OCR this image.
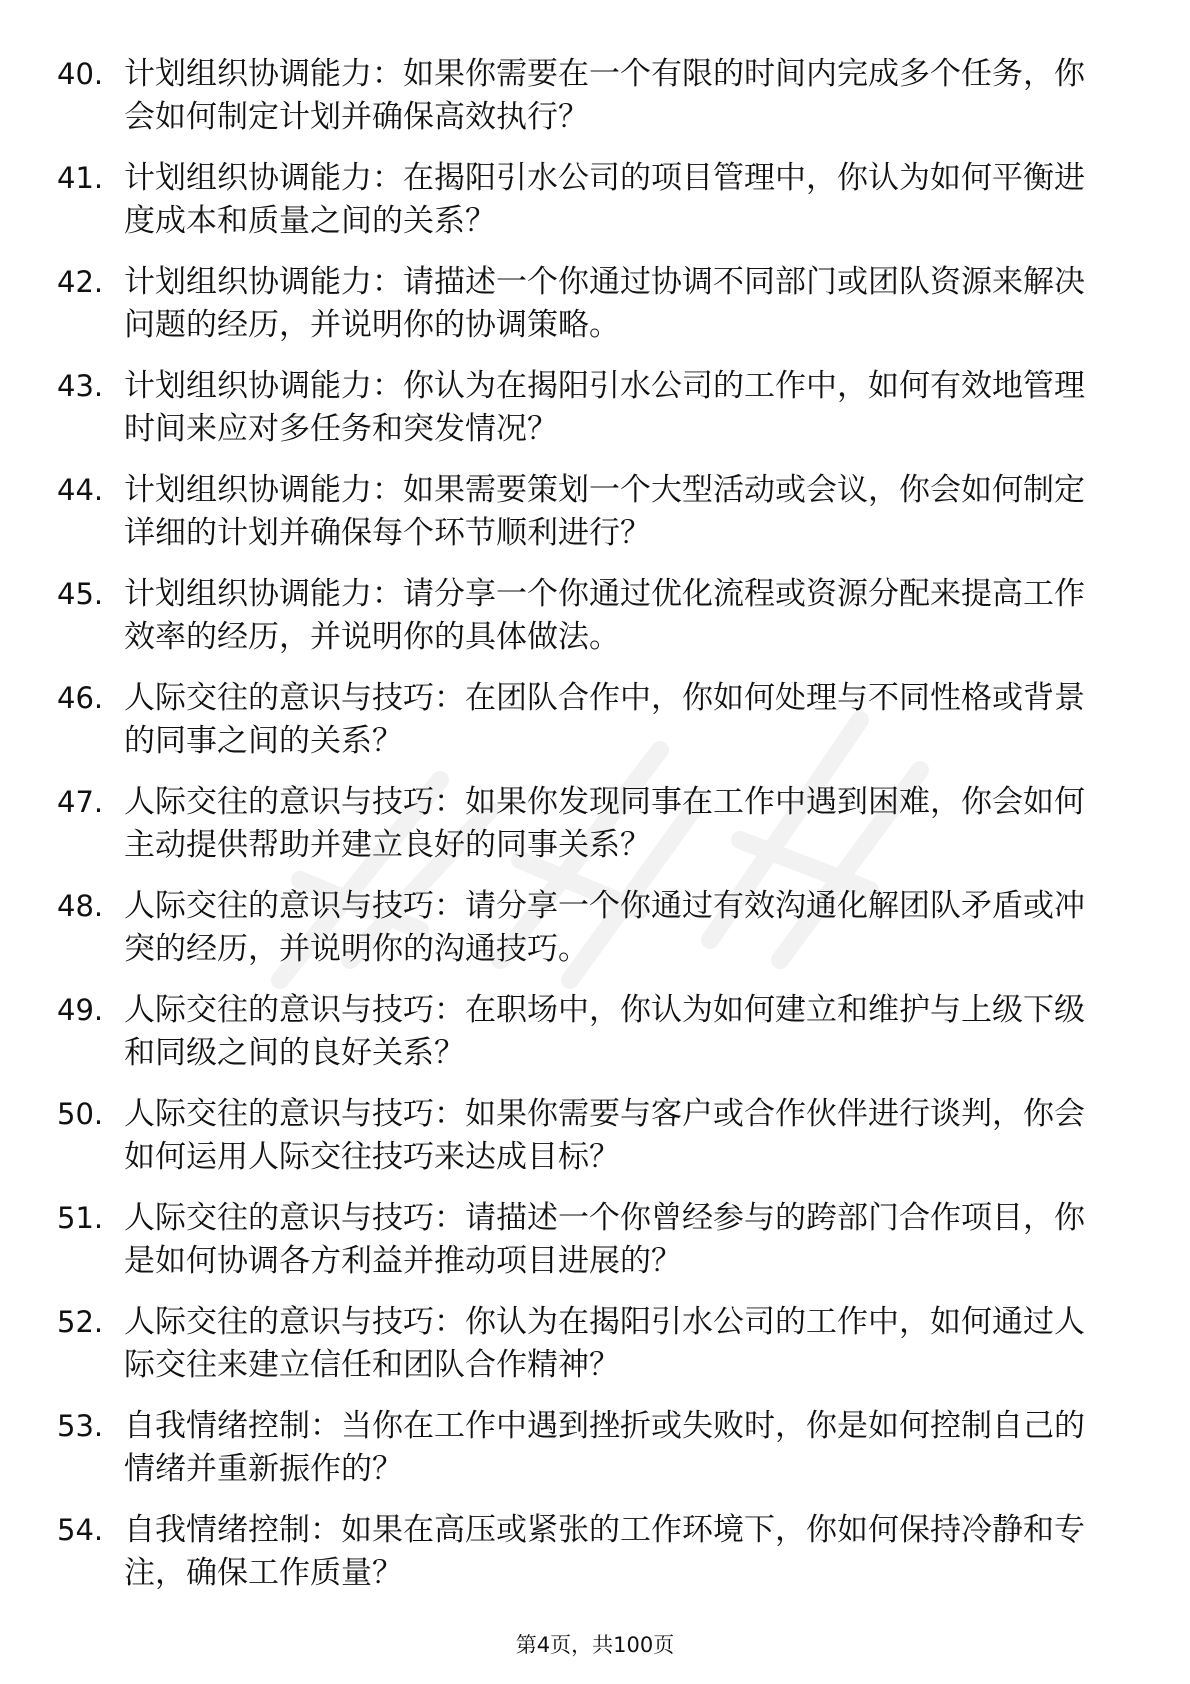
40. 计划组织协调能力：如果你需要在一个有限的时间内完成多个任务，你会如何制定计划并确保高效执行？
41. 计划组织协调能力：在揭阳引水公司的项目管理中，你认为如何平衡进度成本和质量之间的关系？
42. 计划组织协调能力：请描述一个你通过协调不同部门或团队资源来解决问题的经历，并说明你的协调策略。
43. 计划组织协调能力：你认为在揭阳引水公司的工作中，如何有效地管理时间来应对多任务和突发情况？
44. 计划组织协调能力：如果需要策划一个大型活动或会议，你会如何制定详细的计划并确保每个环节顺利进行？
45. 计划组织协调能力：请分享一个你通过优化流程或资源分配来提高工作效率的经历，并说明你的具体做法。
46. 人际交往的意识与技巧：在团队合作中，你如何处理与不同性格或背景的同事之间的关系？
47. 人际交往的意识与技巧：如果你发现同事在工作中遇到困难，你会如何主动提供帮助并建立良好的同事关系？
48. 人际交往的意识与技巧：请分享一个你通过有效沟通化解团队矛盾或冲突的经历，并说明你的沟通技巧。
49. 人际交往的意识与技巧：在职场中，你认为如何建立和维护与上级下级和同级之间的良好关系？
50. 人际交往的意识与技巧：如果你需要与客户或合作伙伴进行谈判，你会如何运用人际交往技巧来达成目标？
51. 人际交往的意识与技巧：请描述一个你曾经参与的跨部门合作项目，你是如何协调各方利益并推动项目进展的？
52. 人际交往的意识与技巧：你认为在揭阳引水公司的工作中，如何通过人际交往来建立信任和团队合作精神？
53. 自我情绪控制：当你在工作中遇到挫折或失败时，你是如何控制自己的情绪并重新振作的？
54. 自我情绪控制：如果在高压或紧张的工作环境下，你如何保持冷静和专注，确保工作质量？
第4页，共100页
